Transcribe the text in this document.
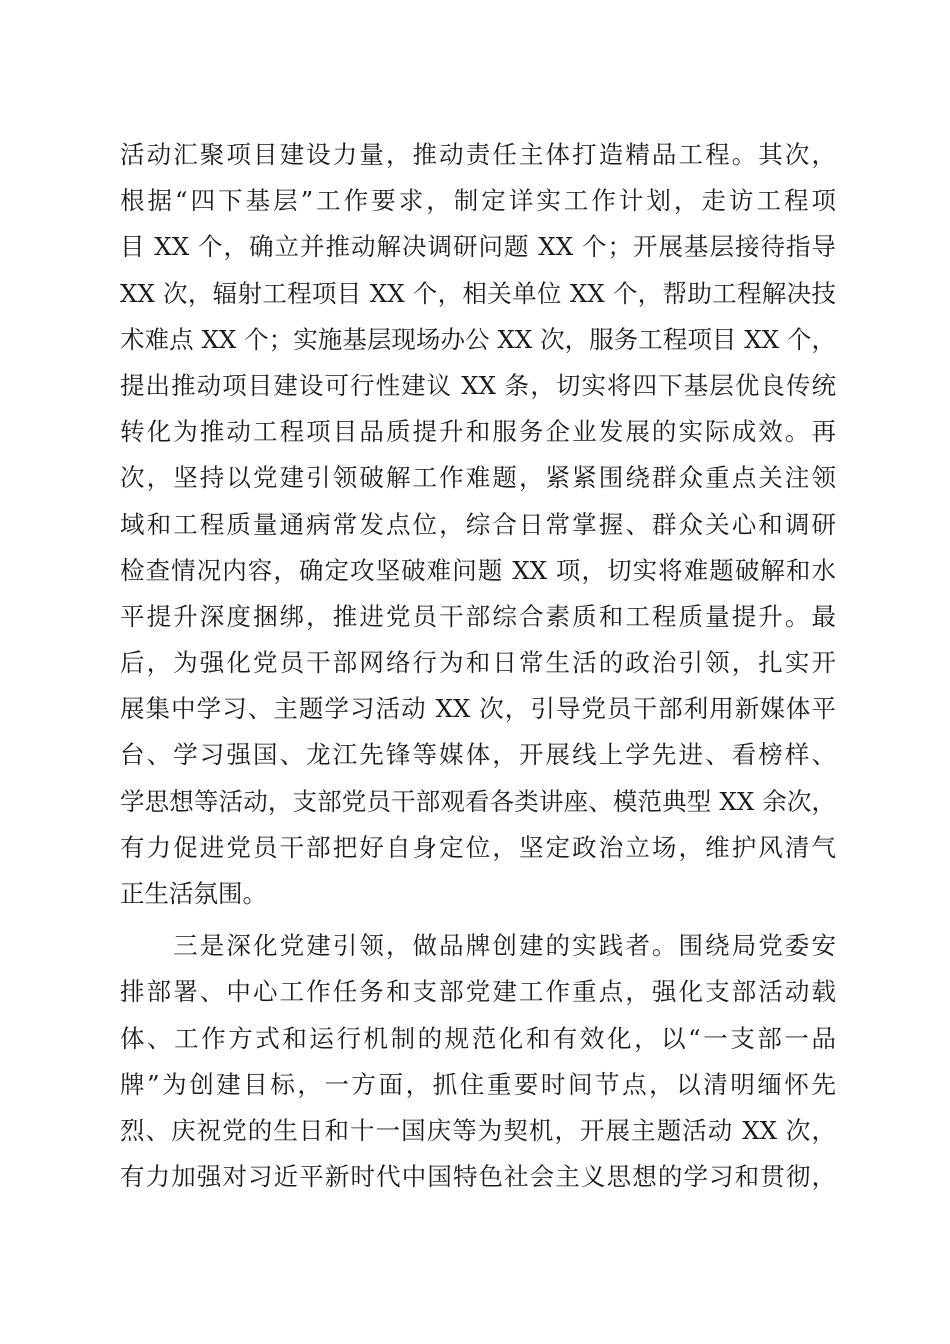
活动汇聚项目建设力量，推动责任主体打造精品工程。其次，
根据“四下基层”工作要求，制定详实工作计划，走访工程项
目 XX 个，确立并推动解决调研问题 XX 个；开展基层接待指导
XX 次，辐射工程项目 XX 个，相关单位 XX 个，帮助工程解决技
术难点 XX 个；实施基层现场办公 XX 次，服务工程项目 XX 个，
提出推动项目建设可行性建议 XX 条，切实将四下基层优良传统
转化为推动工程项目品质提升和服务企业发展的实际成效。再
次，坚持以党建引领破解工作难题，紧紧围绕群众重点关注领
域和工程质量通病常发点位，综合日常掌握、群众关心和调研
检查情况内容，确定攻坚破难问题 XX 项，切实将难题破解和水
平提升深度捆绑，推进党员干部综合素质和工程质量提升。最
后，为强化党员干部网络行为和日常生活的政治引领，扎实开
展集中学习、主题学习活动 XX 次，引导党员干部利用新媒体平
台、学习强国、龙江先锋等媒体，开展线上学先进、看榜样、
学思想等活动，支部党员干部观看各类讲座、模范典型 XX 余次，
有力促进党员干部把好自身定位，坚定政治立场，维护风清气
正生活氛围。
　　三是深化党建引领，做品牌创建的实践者。围绕局党委安
排部署、中心工作任务和支部党建工作重点，强化支部活动载
体、工作方式和运行机制的规范化和有效化，以“一支部一品
牌”为创建目标，一方面，抓住重要时间节点，以清明缅怀先
烈、庆祝党的生日和十一国庆等为契机，开展主题活动 XX 次，
有力加强对习近平新时代中国特色社会主义思想的学习和贯彻，
